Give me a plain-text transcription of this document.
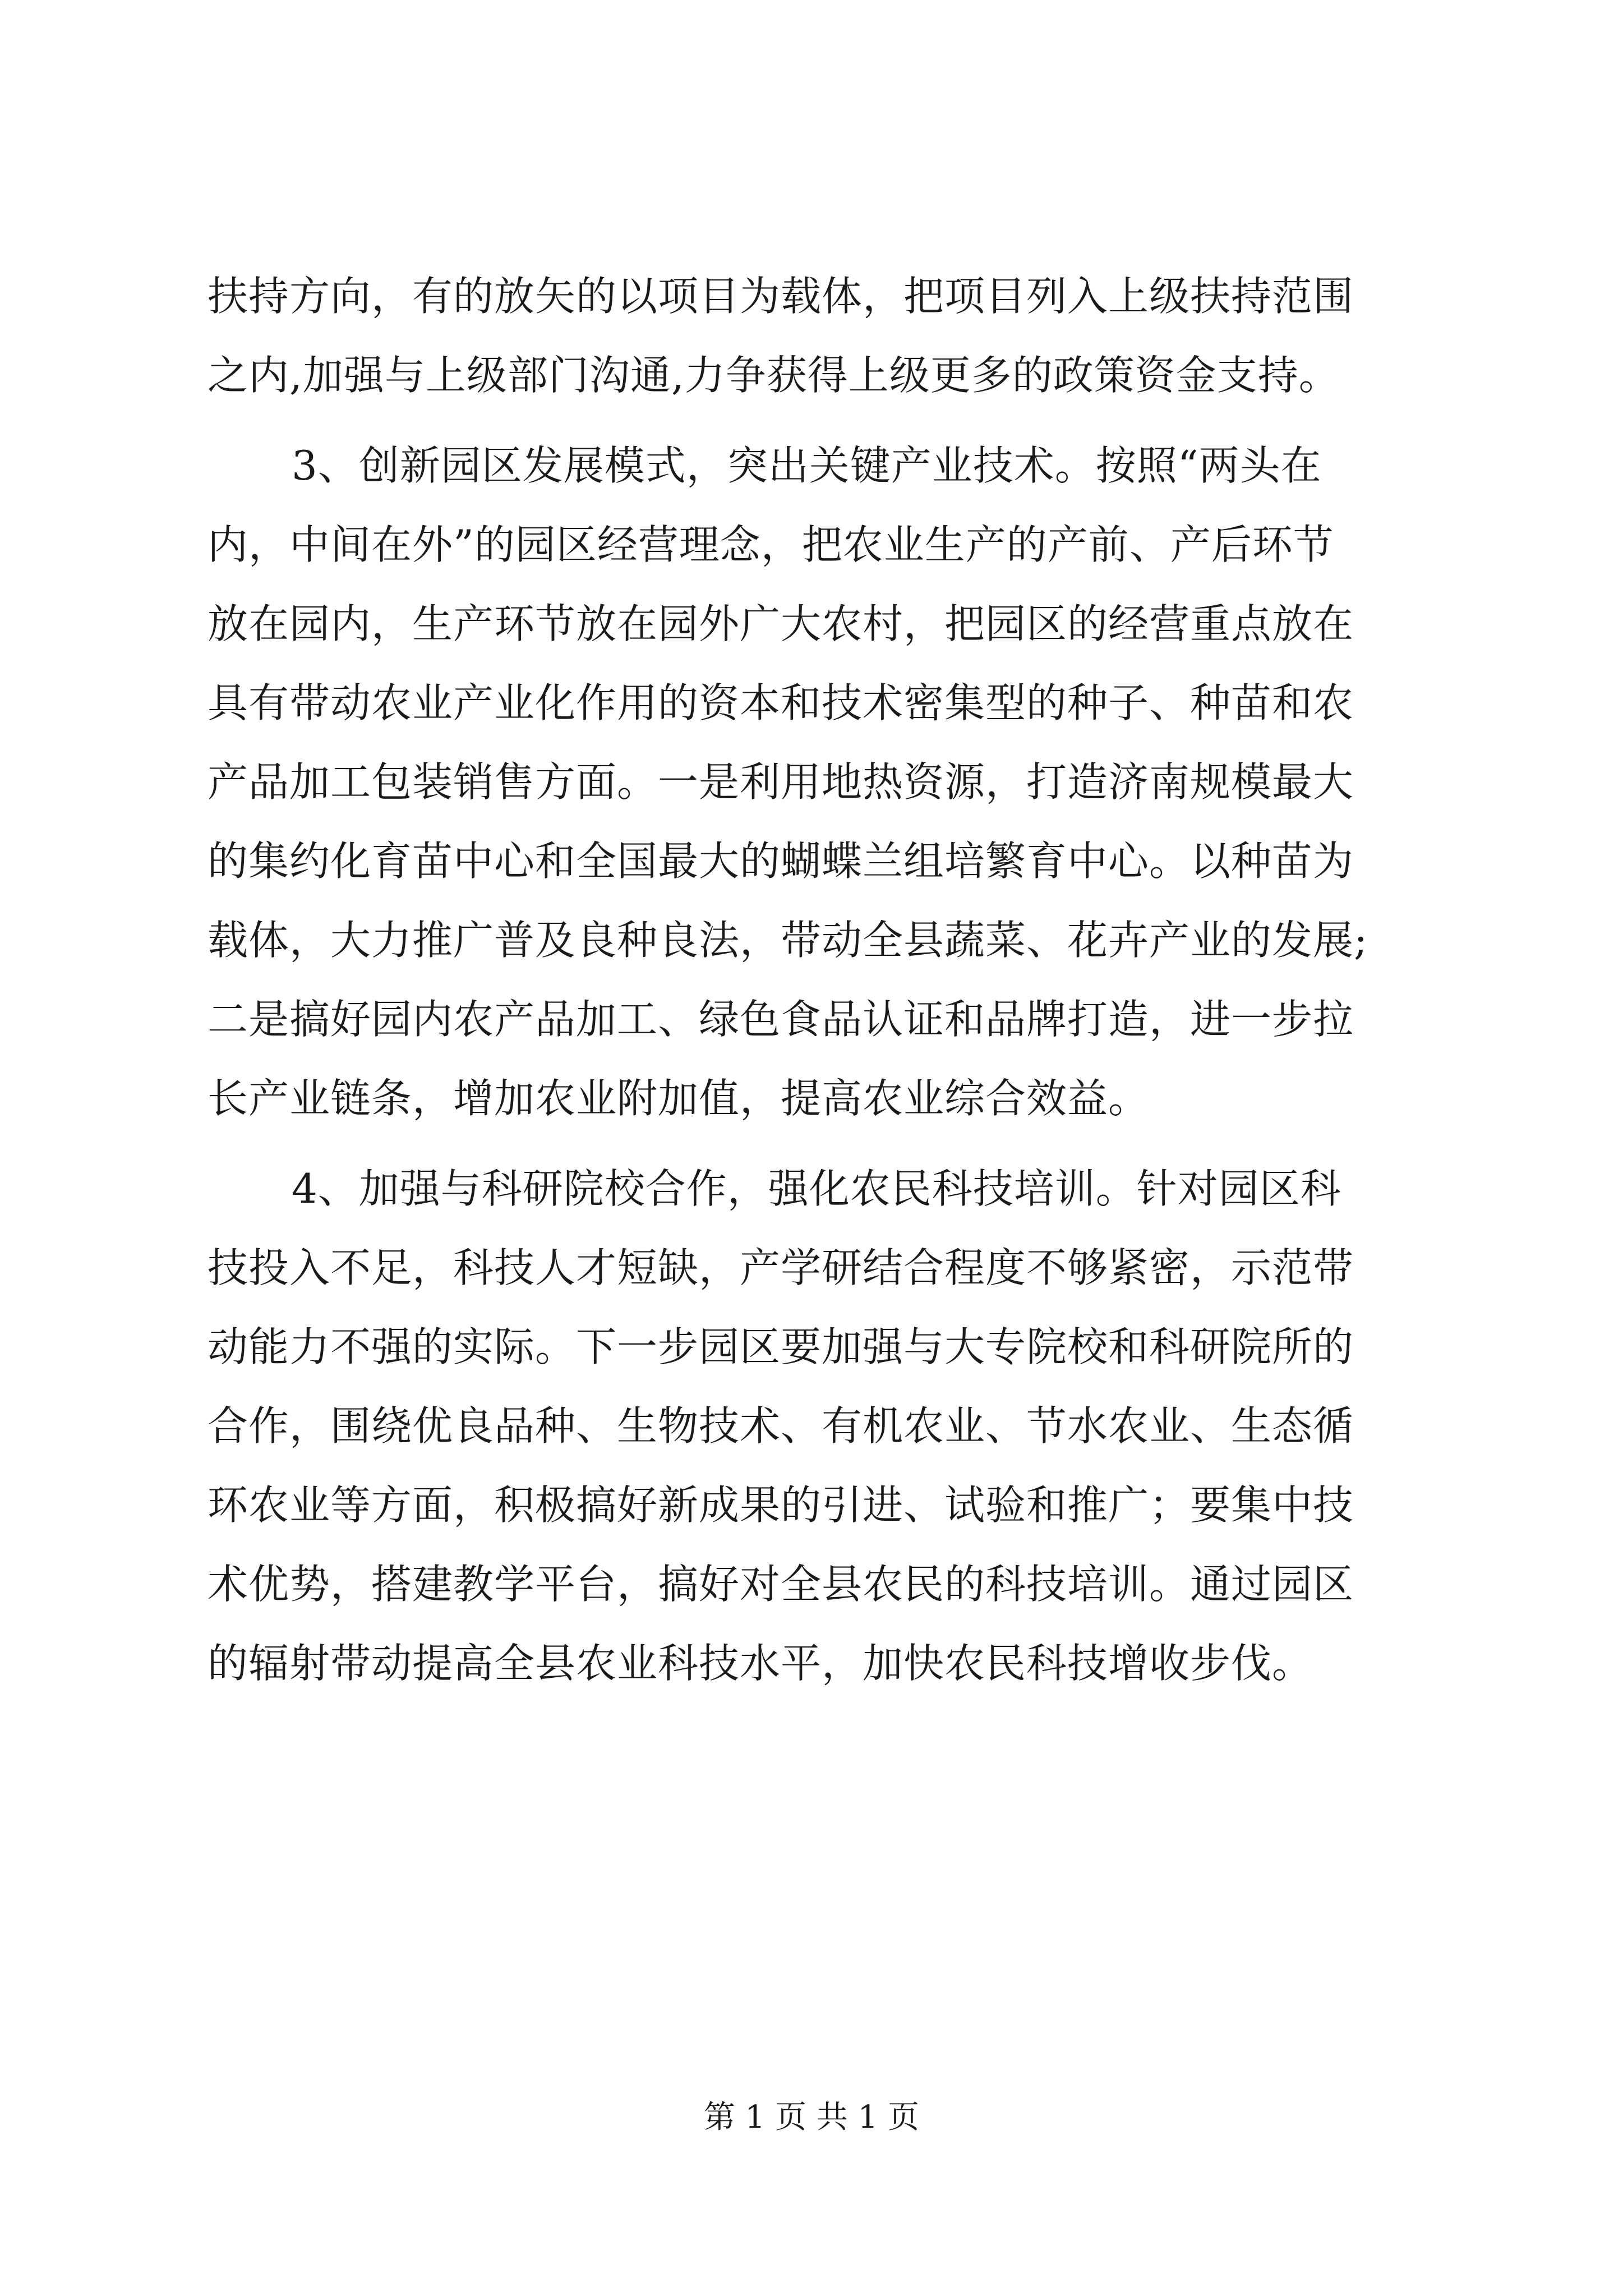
扶持方向，有的放矢的以项目为载体，把项目列入上级扶持范围
之内,加强与上级部门沟通,力争获得上级更多的政策资金支持。
3、创新园区发展模式，突出关键产业技术。按照“两头在
内，中间在外”的园区经营理念，把农业生产的产前、产后环节
放在园内，生产环节放在园外广大农村，把园区的经营重点放在
具有带动农业产业化作用的资本和技术密集型的种子、种苗和农
产品加工包装销售方面。一是利用地热资源，打造济南规模最大
的集约化育苗中心和全国最大的蝴蝶兰组培繁育中心。以种苗为
载体，大力推广普及良种良法，带动全县蔬菜、花卉产业的发展;
二是搞好园内农产品加工、绿色食品认证和品牌打造，进一步拉
长产业链条，增加农业附加值，提高农业综合效益。
4、加强与科研院校合作，强化农民科技培训。针对园区科
技投入不足，科技人才短缺，产学研结合程度不够紧密，示范带
动能力不强的实际。下一步园区要加强与大专院校和科研院所的
合作，围绕优良品种、生物技术、有机农业、节水农业、生态循
环农业等方面，积极搞好新成果的引进、试验和推广；要集中技
术优势，搭建教学平台，搞好对全县农民的科技培训。通过园区
的辐射带动提高全县农业科技水平，加快农民科技增收步伐。
第 1 页 共 1 页
